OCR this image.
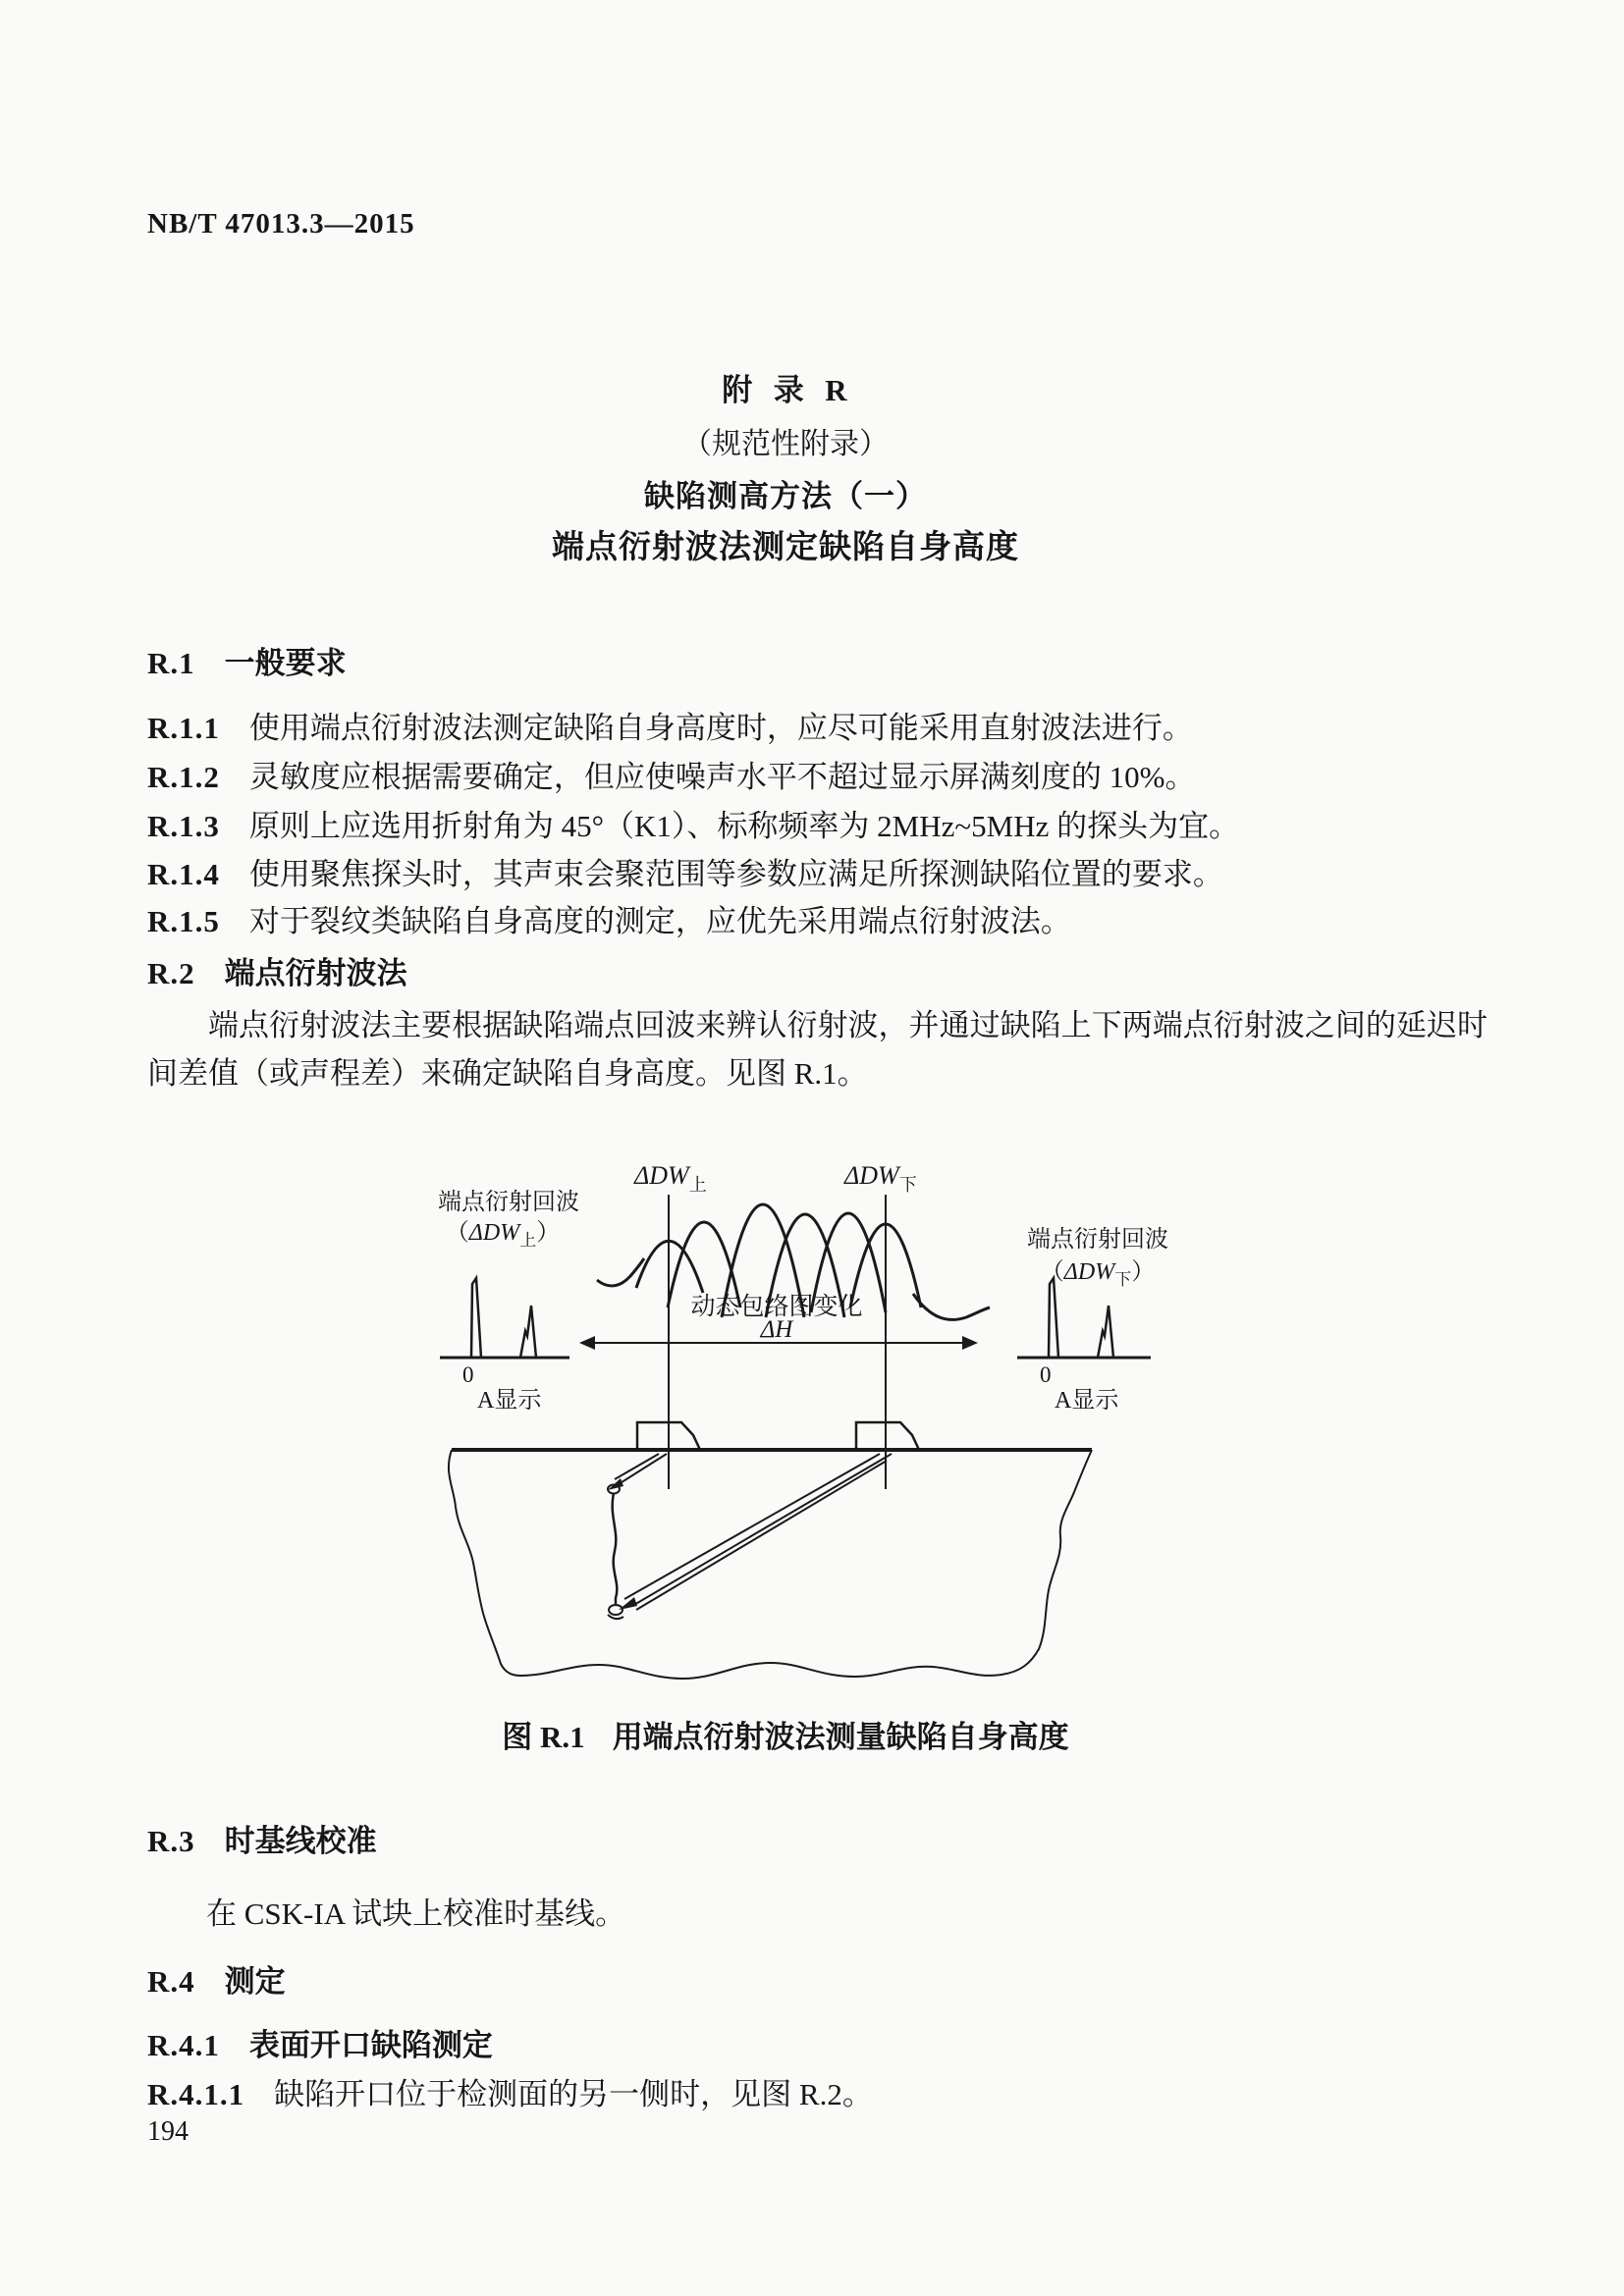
NB/T 47013.3—2015
附  录  R
（规范性附录）
缺陷测高方法（一）
端点衍射波法测定缺陷自身高度
R.1 一般要求
R.1.1 使用端点衍射波法测定缺陷自身高度时，应尽可能采用直射波法进行。
R.1.2 灵敏度应根据需要确定，但应使噪声水平不超过显示屏满刻度的 10%。
R.1.3 原则上应选用折射角为 45°（K1）、标称频率为 2MHz~5MHz 的探头为宜。
R.1.4 使用聚焦探头时，其声束会聚范围等参数应满足所探测缺陷位置的要求。
R.1.5 对于裂纹类缺陷自身高度的测定，应优先采用端点衍射波法。
R.2 端点衍射波法
端点衍射波法主要根据缺陷端点回波来辨认衍射波，并通过缺陷上下两端点衍射波之间的延迟时间差值（或声程差）来确定缺陷自身高度。见图 R.1。
$\Delta DW_上$	$\Delta DW_下$
端点衍射回波
$(\Delta DW_上)$	端点衍射回波
$(\Delta DW_下)$
动态包络图变化
ΔH
0
A显示
0
A显示
图 R.1 用端点衍射波法测量缺陷自身高度
R.3 时基线校准
在 CSK-IA 试块上校准时基线。
R.4 测定
R.4.1 表面开口缺陷测定
R.4.1.1 缺陷开口位于检测面的另一侧时，见图 R.2。
194
